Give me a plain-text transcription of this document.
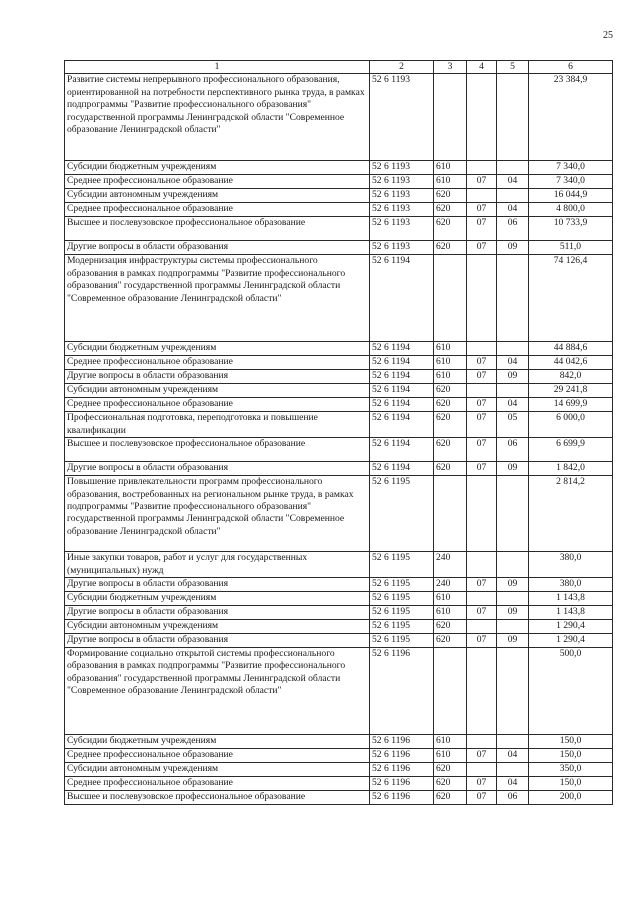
25
1	2	3	4	5	6
Развитие системы непрерывного профессионального образования, ориентированной на потребности перспективного рынка труда, в рамках подпрограммы "Развитие профессионального образования" государственной программы Ленинградской области "Современное образование Ленинградской области"	52 6 1193				23 384,9
Субсидии бюджетным учреждениям	52 6 1193	610			7 340,0
Среднее профессиональное образование	52 6 1193	610	07	04	7 340,0
Субсидии автономным учреждениям	52 6 1193	620			16 044,9
Среднее профессиональное образование	52 6 1193	620	07	04	4 800,0
Высшее и послевузовское профессиональное образование	52 6 1193	620	07	06	10 733,9
Другие вопросы в области образования	52 6 1193	620	07	09	511,0
Модернизация инфраструктуры системы профессионального образования в рамках подпрограммы "Развитие профессионального образования" государственной программы Ленинградской области "Современное образование Ленинградской области"	52 6 1194				74 126,4
Субсидии бюджетным учреждениям	52 6 1194	610			44 884,6
Среднее профессиональное образование	52 6 1194	610	07	04	44 042,6
Другие вопросы в области образования	52 6 1194	610	07	09	842,0
Субсидии автономным учреждениям	52 6 1194	620			29 241,8
Среднее профессиональное образование	52 6 1194	620	07	04	14 699,9
Профессиональная подготовка, переподготовка и повышение квалификации	52 6 1194	620	07	05	6 000,0
Высшее и послевузовское профессиональное образование	52 6 1194	620	07	06	6 699,9
Другие вопросы в области образования	52 6 1194	620	07	09	1 842,0
Повышение привлекательности программ профессионального образования, востребованных на региональном рынке труда, в рамках подпрограммы "Развитие профессионального образования" государственной программы Ленинградской области "Современное образование Ленинградской области"	52 6 1195				2 814,2
Иные закупки товаров, работ и услуг для государственных (муниципальных) нужд	52 6 1195	240			380,0
Другие вопросы в области образования	52 6 1195	240	07	09	380,0
Субсидии бюджетным учреждениям	52 6 1195	610			1 143,8
Другие вопросы в области образования	52 6 1195	610	07	09	1 143,8
Субсидии автономным учреждениям	52 6 1195	620			1 290,4
Другие вопросы в области образования	52 6 1195	620	07	09	1 290,4
Формирование социально открытой системы профессионального образования в рамках подпрограммы "Развитие профессионального образования" государственной программы Ленинградской области "Современное образование Ленинградской области"	52 6 1196				500,0
Субсидии бюджетным учреждениям	52 6 1196	610			150,0
Среднее профессиональное образование	52 6 1196	610	07	04	150,0
Субсидии автономным учреждениям	52 6 1196	620			350,0
Среднее профессиональное образование	52 6 1196	620	07	04	150,0
Высшее и послевузовское профессиональное образование	52 6 1196	620	07	06	200,0
